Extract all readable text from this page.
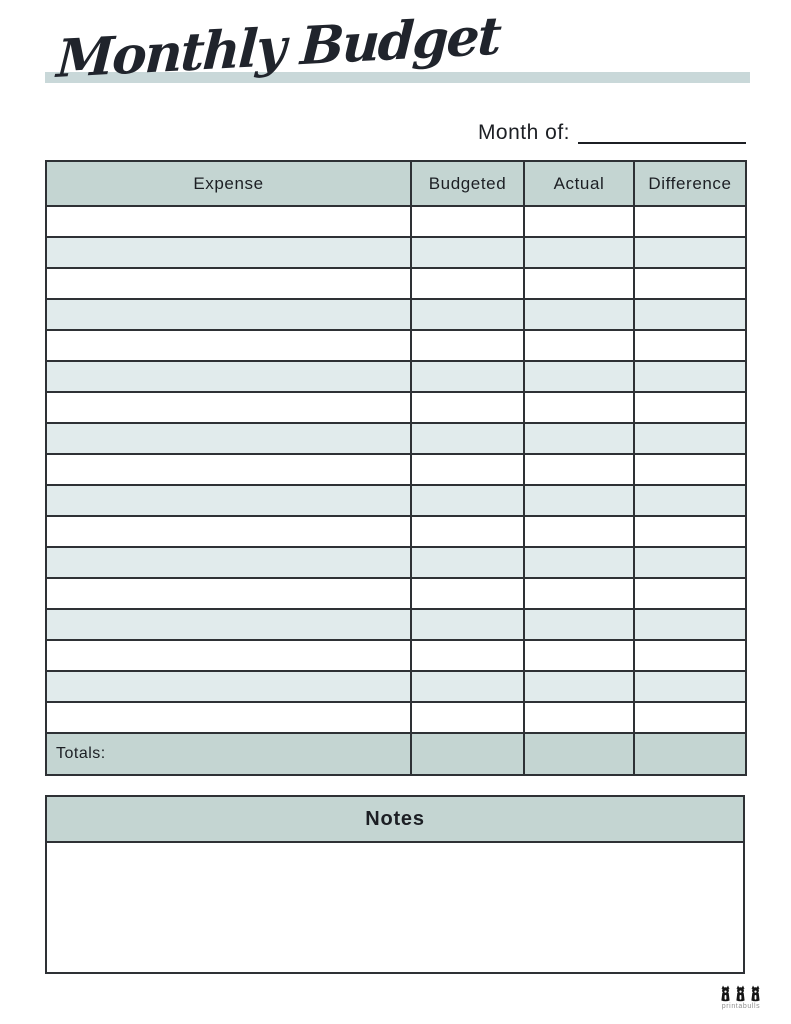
Monthly Budget
Month of:
Expense	Budgeted	Actual	Difference

Totals:			
Notes
printabulls
